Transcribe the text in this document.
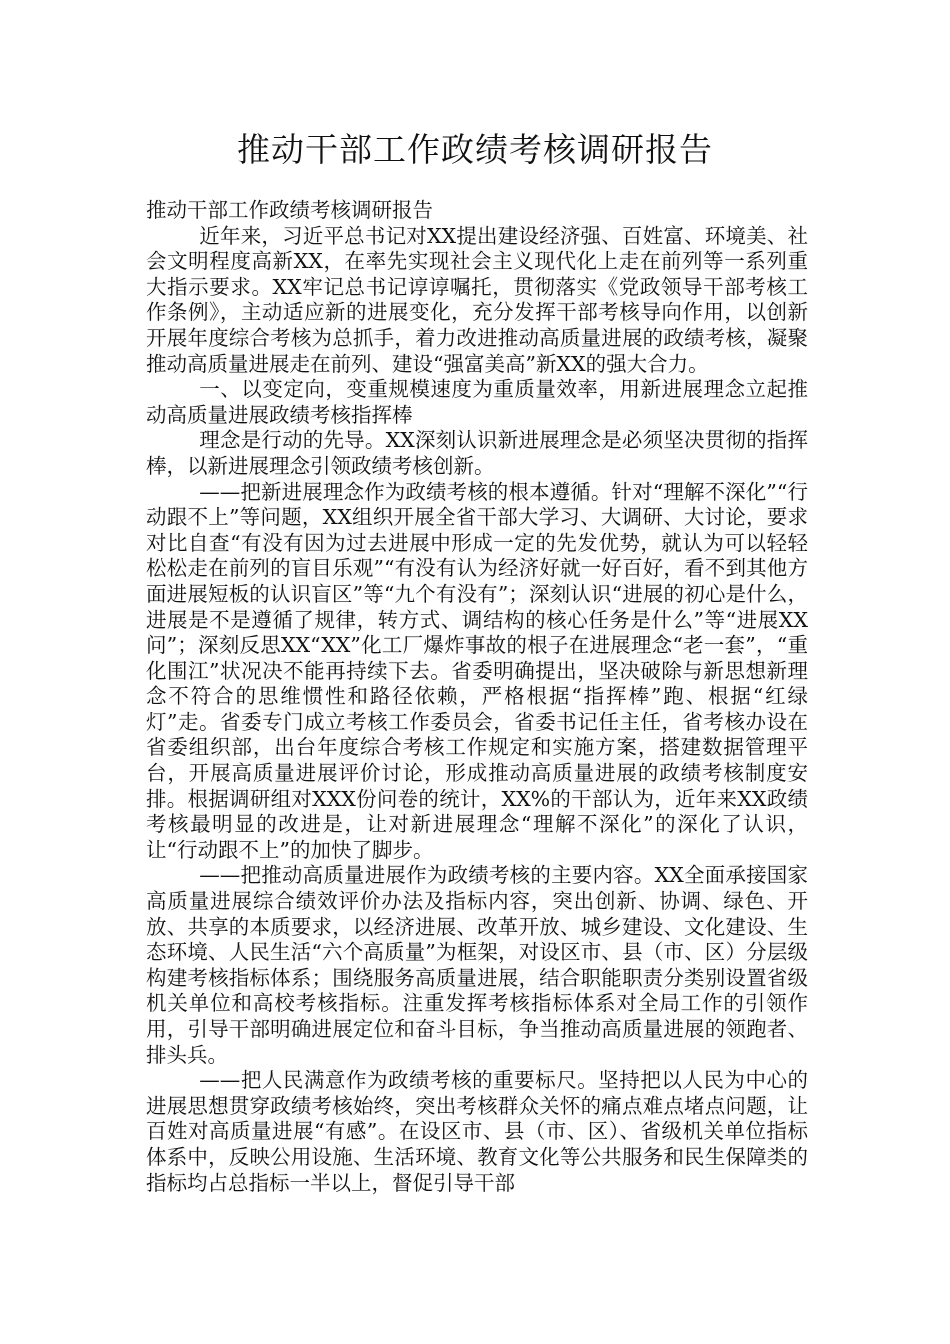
推动干部工作政绩考核调研报告

推动干部工作政绩考核调研报告

近年来，习近平总书记对XX提出建设经济强、百姓富、环境美、社会文明程度高新XX，在率先实现社会主义现代化上走在前列等一系列重大指示要求。XX牢记总书记谆谆嘱托，贯彻落实《党政领导干部考核工作条例》，主动适应新的进展变化，充分发挥干部考核导向作用，以创新开展年度综合考核为总抓手，着力改进推动高质量进展的政绩考核，凝聚推动高质量进展走在前列、建设“强富美高”新XX的强大合力。

一、以变定向，变重规模速度为重质量效率，用新进展理念立起推动高质量进展政绩考核指挥棒

理念是行动的先导。XX深刻认识新进展理念是必须坚决贯彻的指挥棒，以新进展理念引领政绩考核创新。

——把新进展理念作为政绩考核的根本遵循。针对“理解不深化”“行动跟不上”等问题，XX组织开展全省干部大学习、大调研、大讨论，要求对比自查“有没有因为过去进展中形成一定的先发优势，就认为可以轻轻松松走在前列的盲目乐观”“有没有认为经济好就一好百好，看不到其他方面进展短板的认识盲区”等“九个有没有”；深刻认识“进展的初心是什么，进展是不是遵循了规律，转方式、调结构的核心任务是什么”等“进展XX问”；深刻反思XX“XX”化工厂爆炸事故的根子在进展理念“老一套”，“重化围江”状况决不能再持续下去。省委明确提出，坚决破除与新思想新理念不符合的思维惯性和路径依赖，严格根据“指挥棒”跑、根据“红绿灯”走。省委专门成立考核工作委员会，省委书记任主任，省考核办设在省委组织部，出台年度综合考核工作规定和实施方案，搭建数据管理平台，开展高质量进展评价讨论，形成推动高质量进展的政绩考核制度安排。根据调研组对XXX份问卷的统计，XX%的干部认为，近年来XX政绩考核最明显的改进是，让对新进展理念“理解不深化”的深化了认识，让“行动跟不上”的加快了脚步。

——把推动高质量进展作为政绩考核的主要内容。XX全面承接国家高质量进展综合绩效评价办法及指标内容，突出创新、协调、绿色、开放、共享的本质要求，以经济进展、改革开放、城乡建设、文化建设、生态环境、人民生活“六个高质量”为框架，对设区市、县（市、区）分层级构建考核指标体系；围绕服务高质量进展，结合职能职责分类别设置省级机关单位和高校考核指标。注重发挥考核指标体系对全局工作的引领作用，引导干部明确进展定位和奋斗目标，争当推动高质量进展的领跑者、排头兵。

——把人民满意作为政绩考核的重要标尺。坚持把以人民为中心的进展思想贯穿政绩考核始终，突出考核群众关怀的痛点难点堵点问题，让百姓对高质量进展“有感”。在设区市、县（市、区）、省级机关单位指标体系中，反映公用设施、生活环境、教育文化等公共服务和民生保障类的指标均占总指标一半以上，督促引导干部
